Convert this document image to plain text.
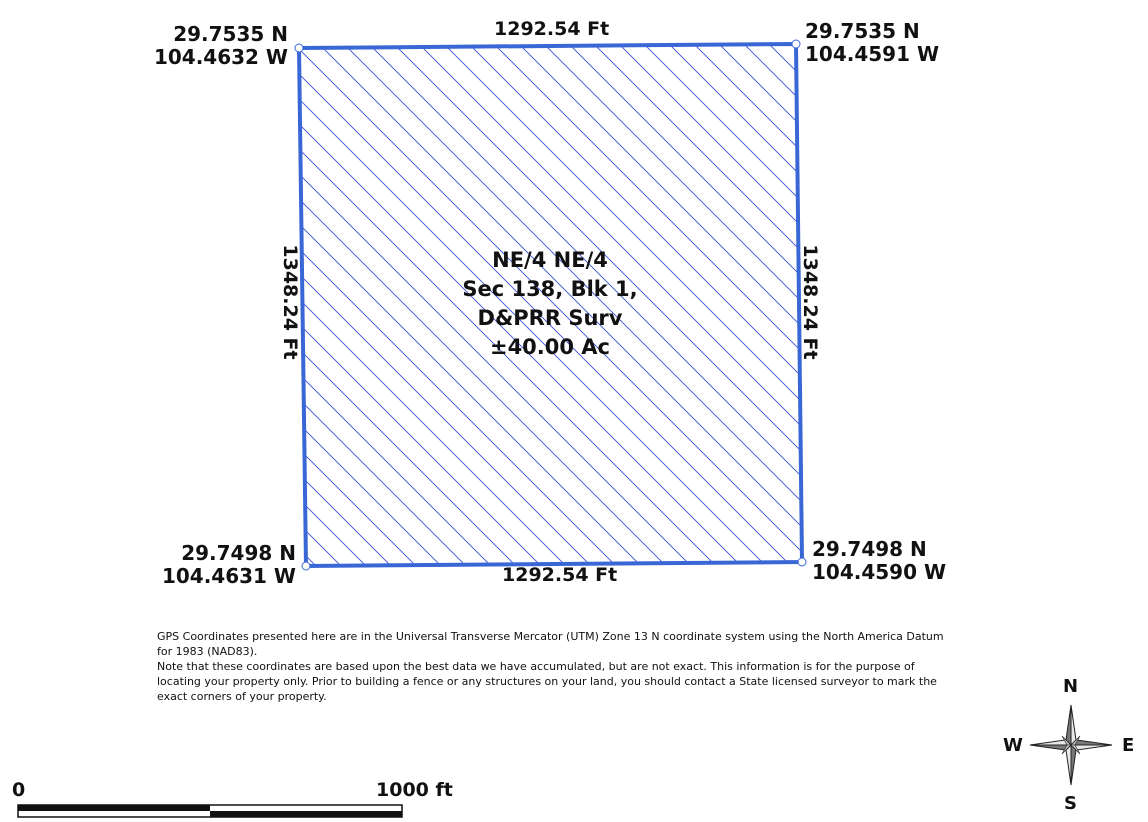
29.7535 N
104.4632 W
29.7535 N
104.4591 W
29.7498 N
104.4631 W
29.7498 N
104.4590 W
1292.54 Ft
1292.54 Ft
1348.24 Ft	1348.24 Ft
NE/4 NE/4
Sec 138, Blk 1,
D&PRR Surv
±40.00 Ac

GPS Coordinates presented here are in the Universal Transverse Mercator (UTM) Zone 13 N coordinate system using the North America Datum for 1983 (NAD83).

Note that these coordinates are based upon the best data we have accumulated, but are not exact. This information is for the purpose of locating your property only. Prior to building a fence or any structures on your land, you should contact a State licensed surveyor to mark the exact corners of your property.	N
S
W	E
0	1000 ft
